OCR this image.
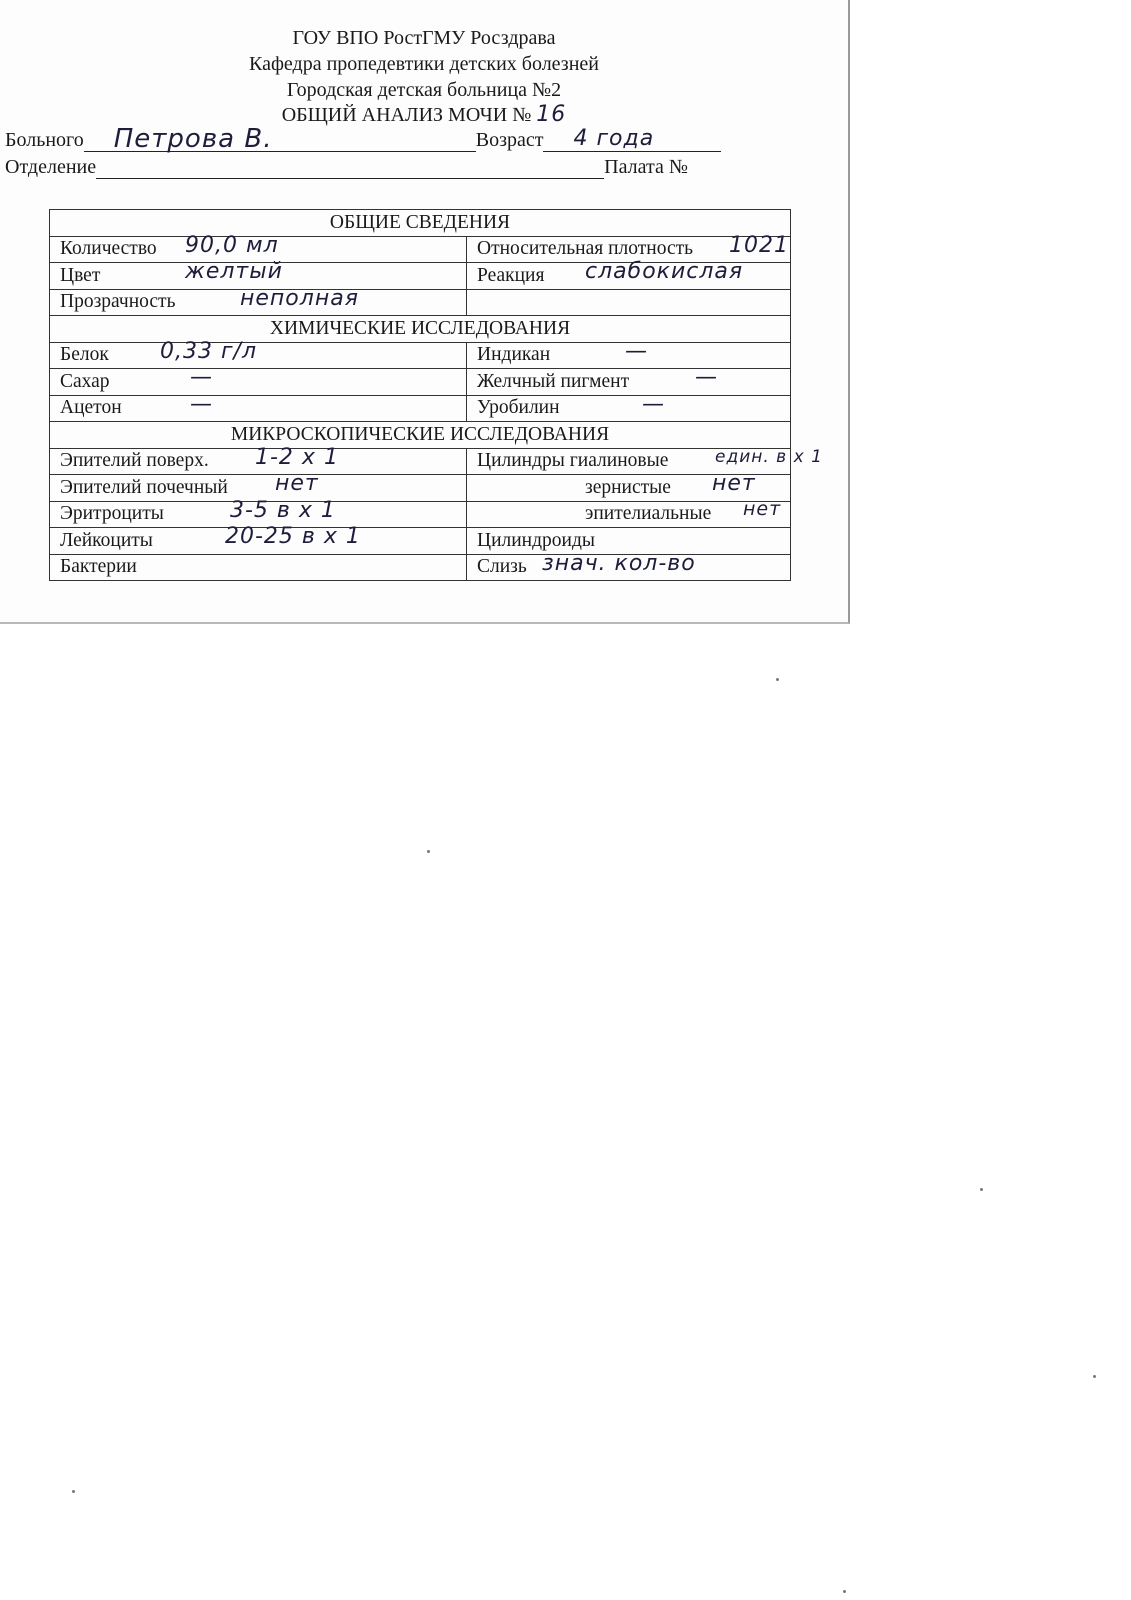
ГОУ ВПО РостГМУ Росздрава
Кафедра пропедевтики детских болезней
Городская детская больница №2
ОБЩИЙ АНАЛИЗ МОЧИ № 16
Больного Петрова В.	Возраст 4 года
Отделение	Палата №
ОБЩИЕ СВЕДЕНИЯ	
Количество 90,0 мл	Относительная плотность 1021

Цвет желтый	Реакция слабокислая

Прозрачность неполная	

ХИМИЧЕСКИЕ ИССЛЕДОВАНИЯ	
Белок 0,33 г/л	Индикан —

Сахар —	Желчный пигмент —

Ацетон —	Уробилин —

МИКРОСКОПИЧЕСКИЕ ИССЛЕДОВАНИЯ	
Эпителий поверх. 1-2 х 1	Цилиндры гиалиновые един. в х 1

Эпителий почечный нет	зернистые нет

Эритроциты 3-5 в х 1	эпителиальные нет

Лейкоциты 20-25 в х 1	Цилиндроиды
Бактерии	Слизь знач. кол-во
